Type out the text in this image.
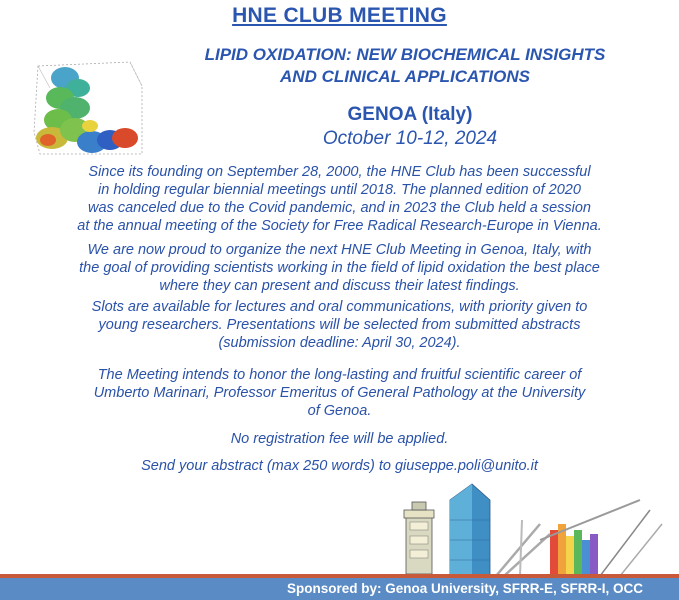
HNE CLUB MEETING
LIPID OXIDATION: NEW BIOCHEMICAL INSIGHTS
AND CLINICAL APPLICATIONS
GENOA (Italy)
October 10-12, 2024
Since its founding on September 28, 2000, the HNE Club has been successful
in holding regular biennial meetings until 2018. The planned edition of 2020
was canceled due to the Covid pandemic, and in 2023 the Club held a session
at the annual meeting of the Society for Free Radical Research-Europe in Vienna.
We are now proud to organize the next HNE Club Meeting in Genoa, Italy, with
the goal of providing scientists working in the field of lipid oxidation the best place
where they can present and discuss their latest findings.
Slots are available for lectures and oral communications, with priority given to
young researchers. Presentations will be selected from submitted abstracts
(submission deadline: April 30, 2024).
The Meeting intends to honor the long-lasting and fruitful scientific career of
Umberto Marinari, Professor Emeritus of General Pathology at the University
of Genoa.
No registration fee will be applied.
Send your abstract (max 250 words) to giuseppe.poli@unito.it
Sponsored by: Genoa University, SFRR-E, SFRR-I, OCC
